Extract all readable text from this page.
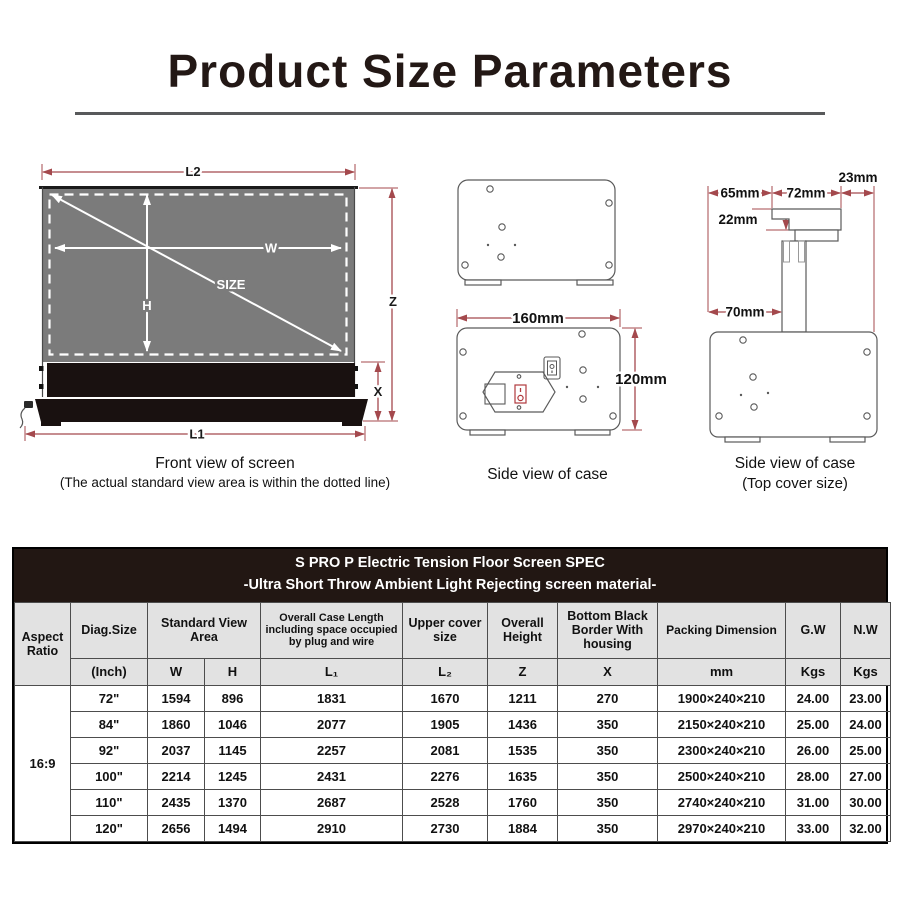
Product Size Parameters
L2
W
H
SIZE
Z
X
L1
160mm
120mm
23mm
65mm 72mm
22mm
70mm
Front view of screen
(The actual standard view area is within the dotted line)	Side view of case
Side view of case
(Top cover size)
S PRO P Electric Tension Floor Screen SPEC
-Ultra Short Throw Ambient Light Rejecting screen material-
Aspect Ratio	Diag.Size	Standard View Area		Overall Case Length including space occupied by plug and wire	Upper cover size	Overall Height	Bottom Black Border With housing	Packing Dimension	G.W	N.W
	(Inch)	W	H	L₁	L₂	Z	X	mm	Kgs	Kgs
16:9	72"	1594	896	1831	1670	1211	270	1900×240×210	24.00	23.00
	84"	1860	1046	2077	1905	1436	350	2150×240×210	25.00	24.00
	92"	2037	1145	2257	2081	1535	350	2300×240×210	26.00	25.00
	100"	2214	1245	2431	2276	1635	350	2500×240×210	28.00	27.00
	110"	2435	1370	2687	2528	1760	350	2740×240×210	31.00	30.00
	120"	2656	1494	2910	2730	1884	350	2970×240×210	33.00	32.00
